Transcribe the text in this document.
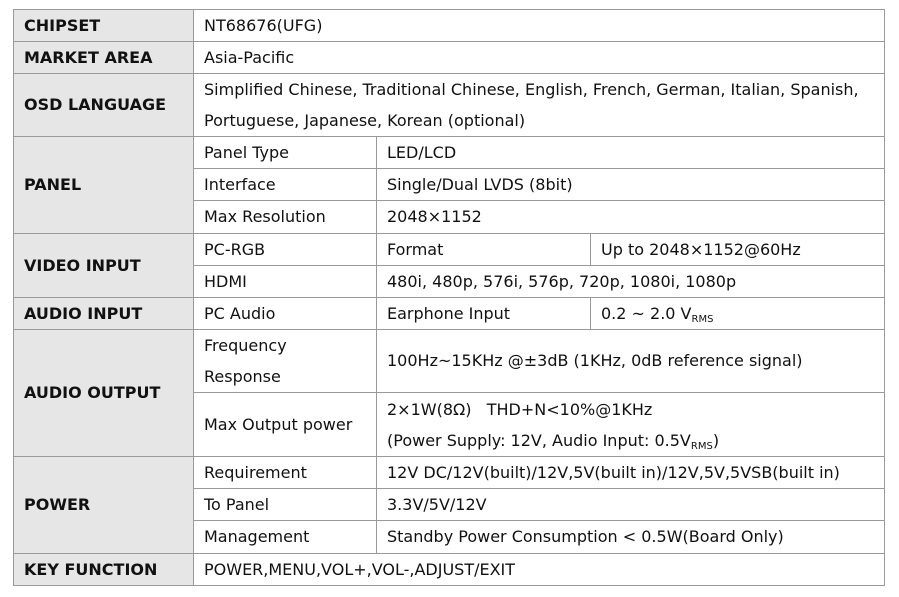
CHIPSET	NT68676(UFG)		
MARKET AREA	Asia-Pacific		
OSD LANGUAGE	Simplified Chinese, Traditional Chinese, English, French, German, Italian, Spanish,
Portuguese, Japanese, Korean (optional)		

PANEL	Panel Type	LED/LCD	
	Interface	Single/Dual LVDS (8bit)	
	Max Resolution	2048×1152	
VIDEO INPUT	PC-RGB	Format	Up to 2048×1152@60Hz
	HDMI	480i, 480p, 576i, 576p, 720p, 1080i, 1080p	
AUDIO INPUT	PC Audio	Earphone Input	0.2 ~ 2.0 $V_{RMS}$
AUDIO OUTPUT	Frequency
Response	100Hz~15KHz @±3dB (1KHz, 0dB reference signal)	
	Max Output power	2×1W(8Ω)   THD+N<10%@1KHz
(Power Supply: 12V, Audio Input: $0.5V_{RMS}$)	

POWER	Requirement	12V DC/12V(built)/12V,5V(built in)/12V,5V,5VSB(built in)	
	To Panel	3.3V/5V/12V	
	Management	Standby Power Consumption < 0.5W(Board Only)	
KEY FUNCTION	POWER,MENU,VOL+,VOL-,ADJUST/EXIT		
